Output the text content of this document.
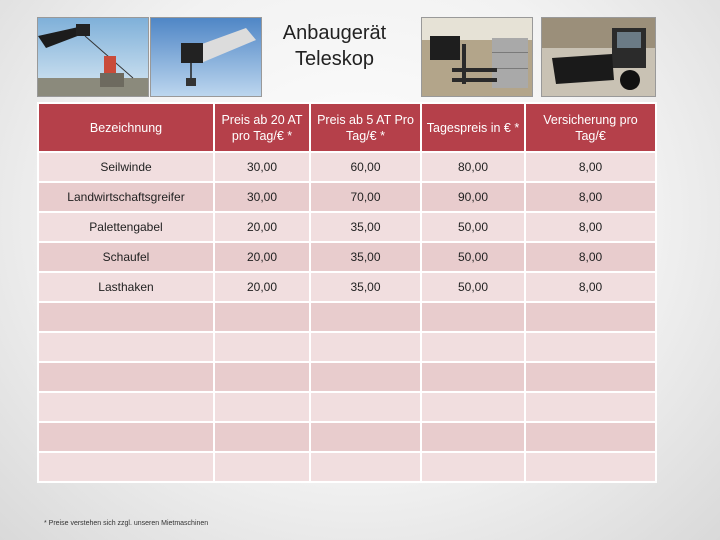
Anbaugerät
Teleskop
Bezeichnung	Preis ab 20 AT pro Tag/€ *	Preis ab 5 AT Pro Tag/€ *	Tagespreis in € *	Versicherung pro Tag/€
Seilwinde	30,00	60,00	80,00	8,00
Landwirtschaftsgreifer	30,00	70,00	90,00	8,00
Palettengabel	20,00	35,00	50,00	8,00
Schaufel	20,00	35,00	50,00	8,00
Lasthaken	20,00	35,00	50,00	8,00

* Preise verstehen sich zzgl. unseren Mietmaschinen
